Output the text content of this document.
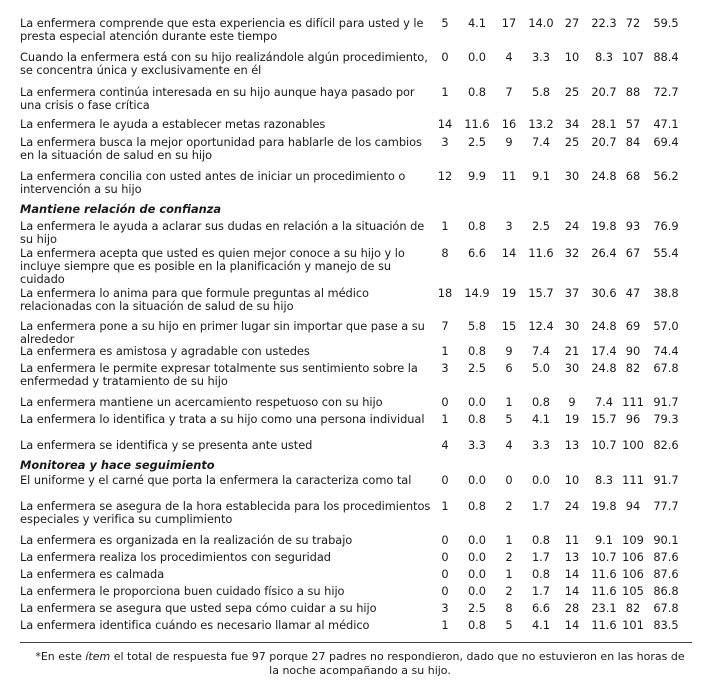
La enfermera comprende que esta experiencia es difícil para usted y le presta especial atención durante este tiempo
5	4.1	17	14.0 27	22.3 72	59.5
Cuando la enfermera está con su hijo realizándole algún procedimiento, se concentra única y exclusivamente en él
0	0.0	4	3.3	10	8.3 107 88.4
La enfermera continúa interesada en su hijo aunque haya pasado por una crisis o fase crítica
1	0.8	7	5.8	25	20.7 88	72.7
La enfermera le ayuda a establecer metas razonables	14	11.6	16	13.2 34	28.1 57	47.1
La enfermera busca la mejor oportunidad para hablarle de los cambios en la situación de salud en su hijo
3	2.5	9	7.4	25	20.7 84	69.4
La enfermera concilia con usted antes de iniciar un procedimiento o intervención a su hijo
12	9.9	11	9.1	30	24.8 68	56.2
Mantiene relación de confianza
La enfermera le ayuda a aclarar sus dudas en relación a la situación de su hijo
1	0.8	3	2.5	24	19.8 93	76.9
La enfermera acepta que usted es quien mejor conoce a su hijo y lo incluye siempre que es posible en la planificación y manejo de su cuidado
8	6.6	14	11.6 32	26.4 67	55.4
La enfermera lo anima para que formule preguntas al médico relacionadas con la situación de salud de su hijo
18	14.9	19	15.7 37	30.6 47	38.8
La enfermera pone a su hijo en primer lugar sin importar que pase a su alrededor
7	5.8	15	12.4 30	24.8 69	57.0
La enfermera es amistosa y agradable con ustedes	1	0.8	9	7.4	21	17.4 90	74.4
La enfermera le permite expresar totalmente sus sentimiento sobre la enfermedad y tratamiento de su hijo
3	2.5	6	5.0	30	24.8 82	67.8
La enfermera mantiene un acercamiento respetuoso con su hijo	0	0.0	1	0.8	9	7.4 111 91.7
La enfermera lo identifica y trata a su hijo como una persona individual	1	0.8	5	4.1	19	15.7 96	79.3
La enfermera se identifica y se presenta ante usted	4	3.3	4	3.3	13	10.7 100 82.6
Monitorea y hace seguimiento
El uniforme y el carné que porta la enfermera la caracteriza como tal	0	0.0	0	0.0	10	8.3 111 91.7
La enfermera se asegura de la hora establecida para los procedimientos especiales y verifica su cumplimiento
1	0.8	2	1.7	24	19.8 94	77.7
La enfermera es organizada en la realización de su trabajo	0	0.0	1	0.8	11	9.1 109 90.1
La enfermera realiza los procedimientos con seguridad	0	0.0	2	1.7	13	10.7 106 87.6
La enfermera es calmada	0	0.0	1	0.8	14	11.6 106 87.6
La enfermera le proporciona buen cuidado físico a su hijo	0	0.0	2	1.7	14	11.6 105 86.8
La enfermera se asegura que usted sepa cómo cuidar a su hijo	3	2.5	8	6.6	28	23.1 82	67.8
La enfermera identifica cuándo es necesario llamar al médico	1	0.8	5	4.1	14	11.6 101 83.5
*En este ítem el total de respuesta fue 97 porque 27 padres no respondieron, dado que no estuvieron en las horas de la noche acompañando a su hijo.
